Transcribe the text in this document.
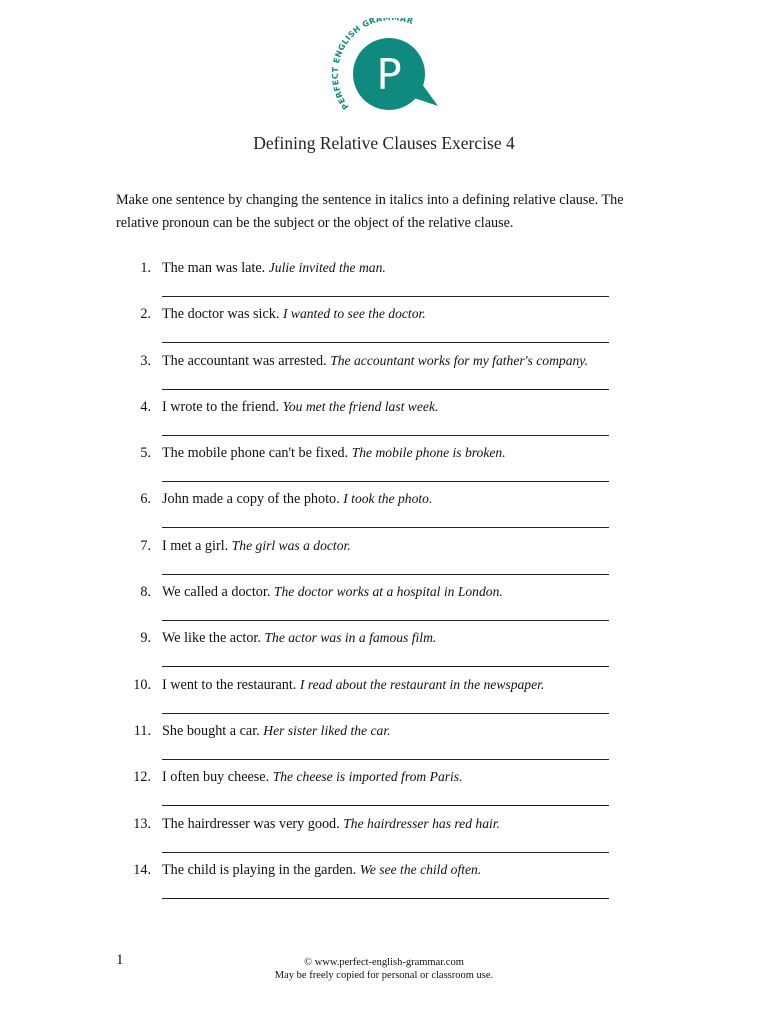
PERFECT ENGLISH GRA AR
P
Defining Relative Clauses Exercise 4
Make one sentence by changing the sentence in italics into a defining relative clause. The relative pronoun can be the subject or the object of the relative clause.
1. The man was late. Julie invited the man.
2. The doctor was sick. I wanted to see the doctor.
3. The accountant was arrested. The accountant works for my father's company.
4. I wrote to the friend. You met the friend last week.
5. The mobile phone can't be fixed. The mobile phone is broken.
6. John made a copy of the photo. I took the photo.
7. I met a girl. The girl was a doctor.
8. We called a doctor. The doctor works at a hospital in London.
9. We like the actor. The actor was in a famous film.
10. I went to the restaurant. I read about the restaurant in the newspaper.
11. She bought a car. Her sister liked the car.
12. I often buy cheese. The cheese is imported from Paris.
13. The hairdresser was very good. The hairdresser has red hair.
14. The child is playing in the garden. We see the child often.
1	© www.perfect-english-grammar.com
May be freely copied for personal or classroom use.
